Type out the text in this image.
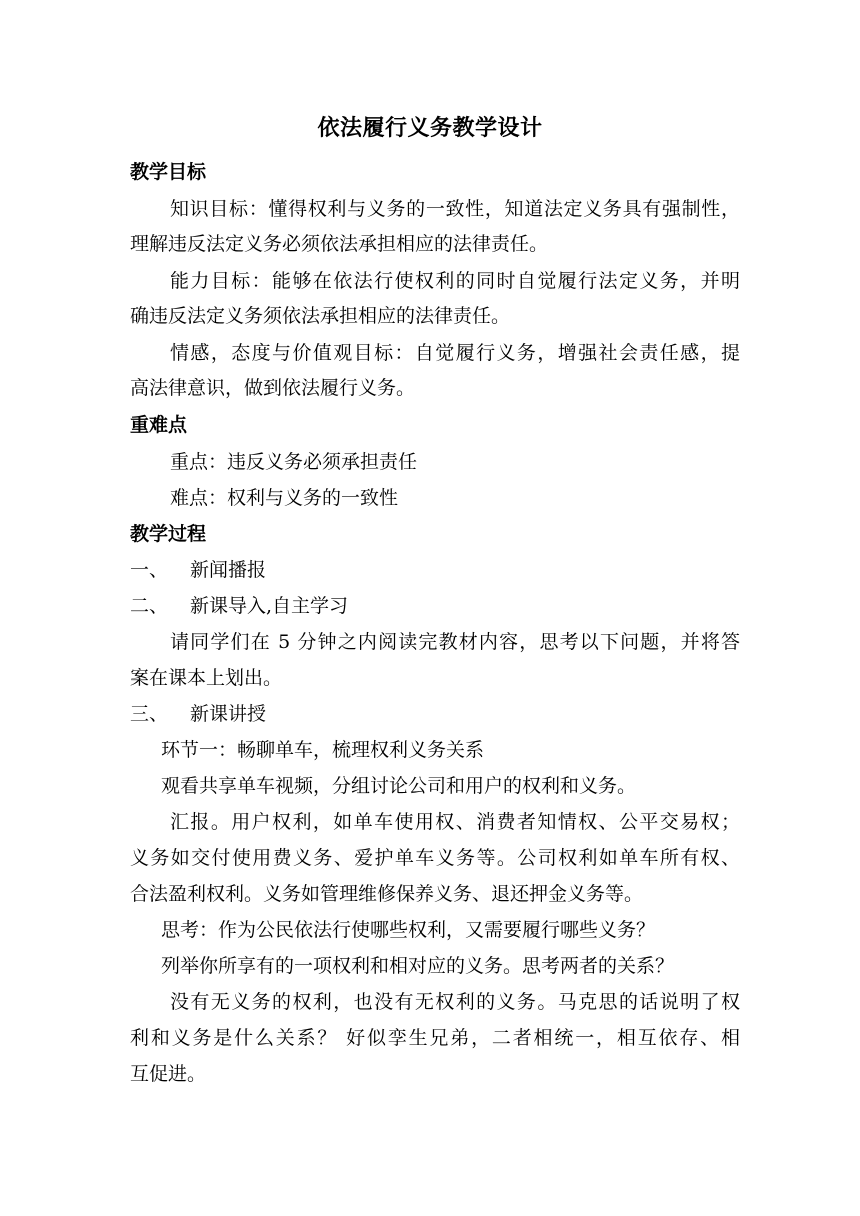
依法履行义务教学设计
教学目标
知识目标：懂得权利与义务的一致性，知道法定义务具有强制性，
理解违反法定义务必须依法承担相应的法律责任。
能力目标：能够在依法行使权利的同时自觉履行法定义务，并明
确违反法定义务须依法承担相应的法律责任。
情感，态度与价值观目标：自觉履行义务，增强社会责任感，提
高法律意识，做到依法履行义务。
重难点
重点：违反义务必须承担责任
难点：权利与义务的一致性
教学过程
一、 新闻播报
二、 新课导入,自主学习
请同学们在 5 分钟之内阅读完教材内容，思考以下问题，并将答
案在课本上划出。
三、 新课讲授
环节一：畅聊单车，梳理权利义务关系
观看共享单车视频，分组讨论公司和用户的权利和义务。
汇报。用户权利，如单车使用权、消费者知情权、公平交易权；
义务如交付使用费义务、爱护单车义务等。公司权利如单车所有权、
合法盈利权利。义务如管理维修保养义务、退还押金义务等。
思考：作为公民依法行使哪些权利，又需要履行哪些义务？
列举你所享有的一项权利和相对应的义务。思考两者的关系？
没有无义务的权利，也没有无权利的义务。马克思的话说明了权
利和义务是什么关系？ 好似孪生兄弟，二者相统一，相互依存、相
互促进。
